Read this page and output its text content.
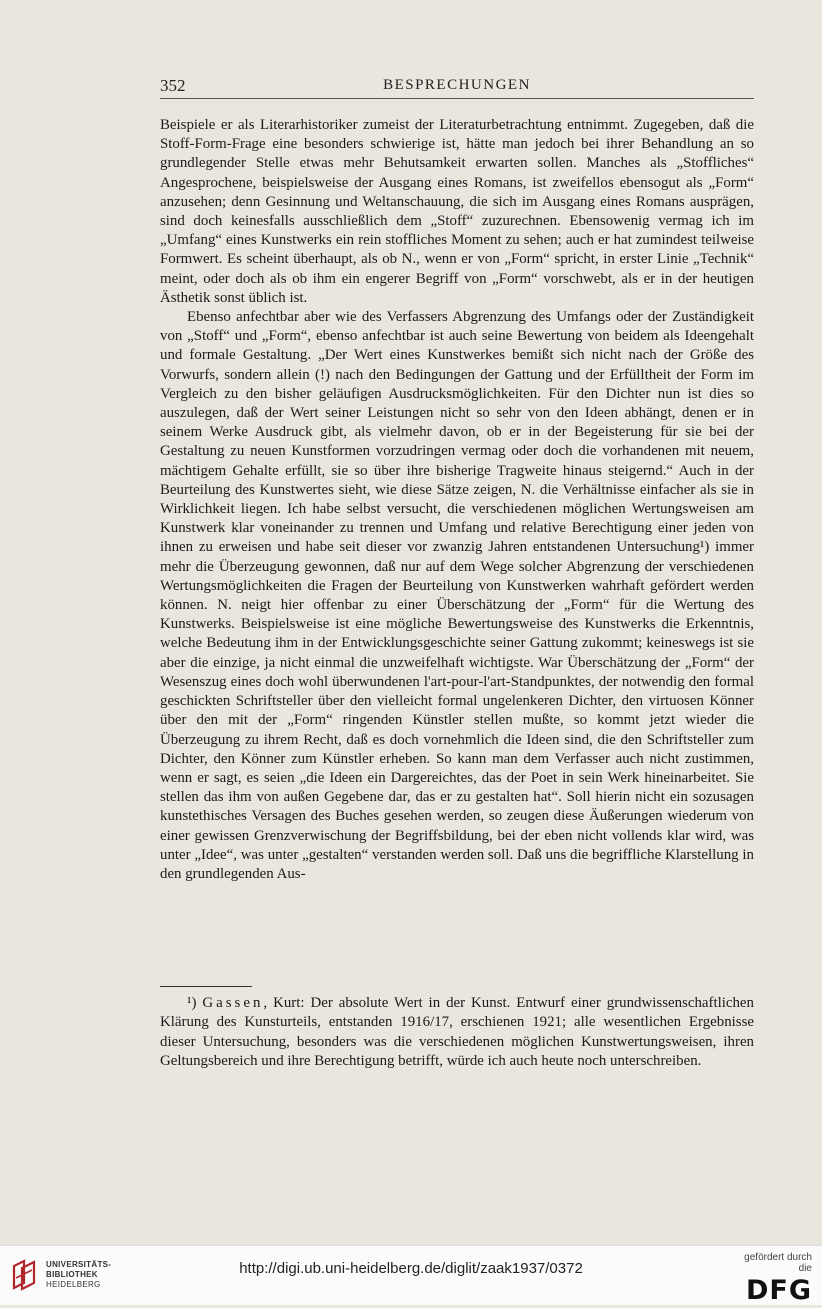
352	BESPRECHUNGEN

Beispiele er als Literarhistoriker zumeist der Literaturbetrachtung entnimmt. Zugegeben, daß die Stoff-Form-Frage eine besonders schwierige ist, hätte man jedoch bei ihrer Behandlung an so grundlegender Stelle etwas mehr Behutsamkeit erwarten sollen. Manches als „Stoffliches“ Angesprochene, beispielsweise der Ausgang eines Romans, ist zweifellos ebensogut als „Form“ anzusehen; denn Gesinnung und Weltanschauung, die sich im Ausgang eines Romans ausprägen, sind doch keinesfalls ausschließlich dem „Stoff“ zuzurechnen. Ebensowenig vermag ich im „Umfang“ eines Kunstwerks ein rein stoffliches Moment zu sehen; auch er hat zumindest teilweise Formwert. Es scheint überhaupt, als ob N., wenn er von „Form“ spricht, in erster Linie „Technik“ meint, oder doch als ob ihm ein engerer Begriff von „Form“ vorschwebt, als er in der heutigen Ästhetik sonst üblich ist.

Ebenso anfechtbar aber wie des Verfassers Abgrenzung des Umfangs oder der Zuständigkeit von „Stoff“ und „Form“, ebenso anfechtbar ist auch seine Bewertung von beidem als Ideengehalt und formale Gestaltung. „Der Wert eines Kunstwerkes bemißt sich nicht nach der Größe des Vorwurfs, sondern allein (!) nach den Bedingungen der Gattung und der Erfülltheit der Form im Vergleich zu den bisher geläufigen Ausdrucksmöglichkeiten. Für den Dichter nun ist dies so auszulegen, daß der Wert seiner Leistungen nicht so sehr von den Ideen abhängt, denen er in seinem Werke Ausdruck gibt, als vielmehr davon, ob er in der Begeisterung für sie bei der Gestaltung zu neuen Kunstformen vorzudringen vermag oder doch die vorhandenen mit neuem, mächtigem Gehalte erfüllt, sie so über ihre bisherige Tragweite hinaus steigernd.“ Auch in der Beurteilung des Kunstwertes sieht, wie diese Sätze zeigen, N. die Verhältnisse einfacher als sie in Wirklichkeit liegen. Ich habe selbst versucht, die verschiedenen möglichen Wertungsweisen am Kunstwerk klar voneinander zu trennen und Umfang und relative Berechtigung einer jeden von ihnen zu erweisen und habe seit dieser vor zwanzig Jahren entstandenen Untersuchung¹) immer mehr die Überzeugung gewonnen, daß nur auf dem Wege solcher Abgrenzung der verschiedenen Wertungsmöglichkeiten die Fragen der Beurteilung von Kunstwerken wahrhaft gefördert werden können. N. neigt hier offenbar zu einer Überschätzung der „Form“ für die Wertung des Kunstwerks. Beispielsweise ist eine mögliche Bewertungsweise des Kunstwerks die Erkenntnis, welche Bedeutung ihm in der Entwicklungsgeschichte seiner Gattung zukommt; keineswegs ist sie aber die einzige, ja nicht einmal die unzweifelhaft wichtigste. War Überschätzung der „Form“ der Wesenszug eines doch wohl überwundenen l'art-pour-l'art-Standpunktes, der notwendig den formal geschickten Schriftsteller über den vielleicht formal ungelenkeren Dichter, den virtuosen Könner über den mit der „Form“ ringenden Künstler stellen mußte, so kommt jetzt wieder die Überzeugung zu ihrem Recht, daß es doch vornehmlich die Ideen sind, die den Schriftsteller zum Dichter, den Könner zum Künstler erheben. So kann man dem Verfasser auch nicht zustimmen, wenn er sagt, es seien „die Ideen ein Dargereichtes, das der Poet in sein Werk hineinarbeitet. Sie stellen das ihm von außen Gegebene dar, das er zu gestalten hat“. Soll hierin nicht ein sozusagen kunstethisches Versagen des Buches gesehen werden, so zeugen diese Äußerungen wiederum von einer gewissen Grenzverwischung der Begriffsbildung, bei der eben nicht vollends klar wird, was unter „Idee“, was unter „gestalten“ verstanden werden soll. Daß uns die begriffliche Klarstellung in den grundlegenden Aus-

¹) Gassen, Kurt: Der absolute Wert in der Kunst. Entwurf einer grundwissenschaftlichen Klärung des Kunsturteils, entstanden 1916/17, erschienen 1921; alle wesentlichen Ergebnisse dieser Untersuchung, besonders was die verschiedenen möglichen Kunstwertungsweisen, ihren Geltungsbereich und ihre Berechtigung betrifft, würde ich auch heute noch unterschreiben.
UNIVERSITÄTS-
BIBLIOTHEK
HEIDELBERG
http://digi.ub.uni-heidelberg.de/diglit/zaak1937/0372
gefördert durch die
DFG
